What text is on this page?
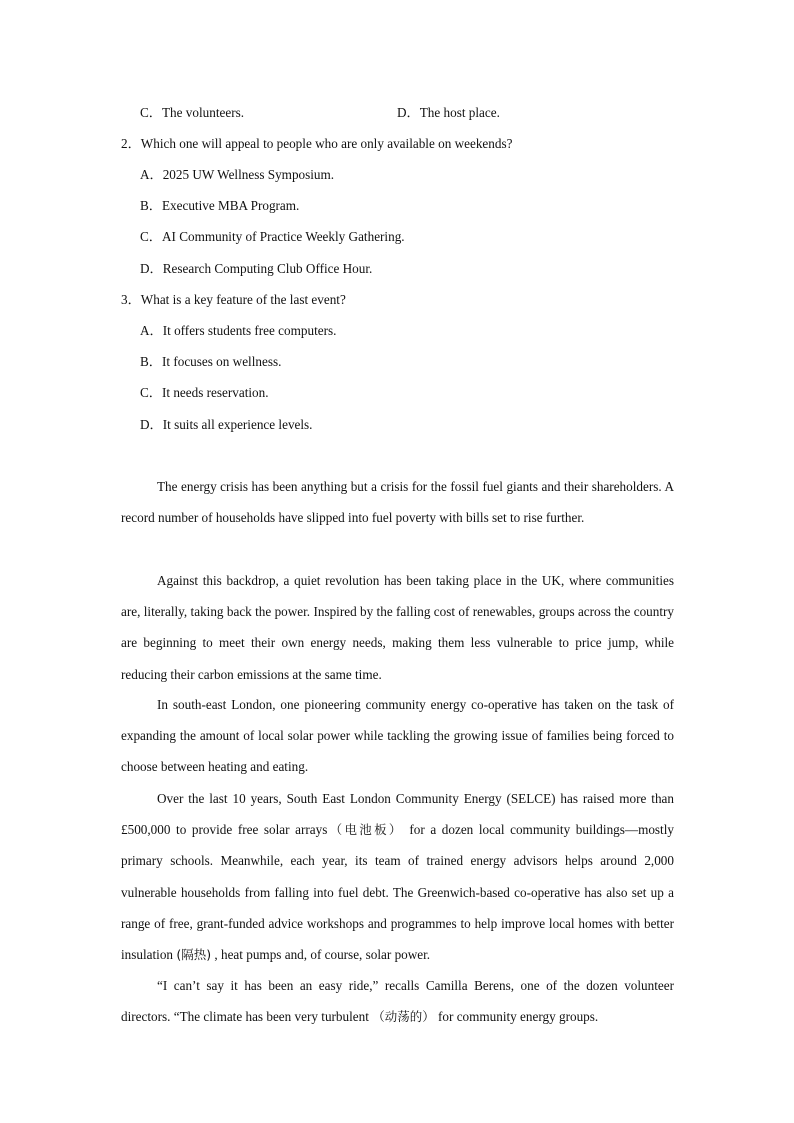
C．The volunteers.	D．The host place.
2．Which one will appeal to people who are only available on weekends?
A．2025 UW Wellness Symposium.
B．Executive MBA Program.
C．AI Community of Practice Weekly Gathering.
D．Research Computing Club Office Hour.
3．What is a key feature of the last event?
A．It offers students free computers.
B．It focuses on wellness.
C．It needs reservation.
D．It suits all experience levels.
The energy crisis has been anything but a crisis for the fossil fuel giants and their shareholders. A record number of households have slipped into fuel poverty with bills set to rise further.
Against this backdrop, a quiet revolution has been taking place in the UK, where communities are, literally, taking back the power. Inspired by the falling cost of renewables, groups across the country are beginning to meet their own energy needs, making them less vulnerable to price jump, while reducing their carbon emissions at the same time.
In south-east London, one pioneering community energy co-operative has taken on the task of expanding the amount of local solar power while tackling the growing issue of families being forced to choose between heating and eating.
Over the last 10 years, South East London Community Energy (SELCE) has raised more than £500,000 to provide free solar arrays（电池板） for a dozen local community buildings—mostly primary schools. Meanwhile, each year, its team of trained energy advisors helps around 2,000 vulnerable households from falling into fuel debt. The Greenwich-based co-operative has also set up a range of free, grant-funded advice workshops and programmes to help improve local homes with better insulation (隔热) , heat pumps and, of course, solar power.
“I can’t say it has been an easy ride,” recalls Camilla Berens, one of the dozen volunteer directors. “The climate has been very turbulent （动荡的） for community energy groups.
